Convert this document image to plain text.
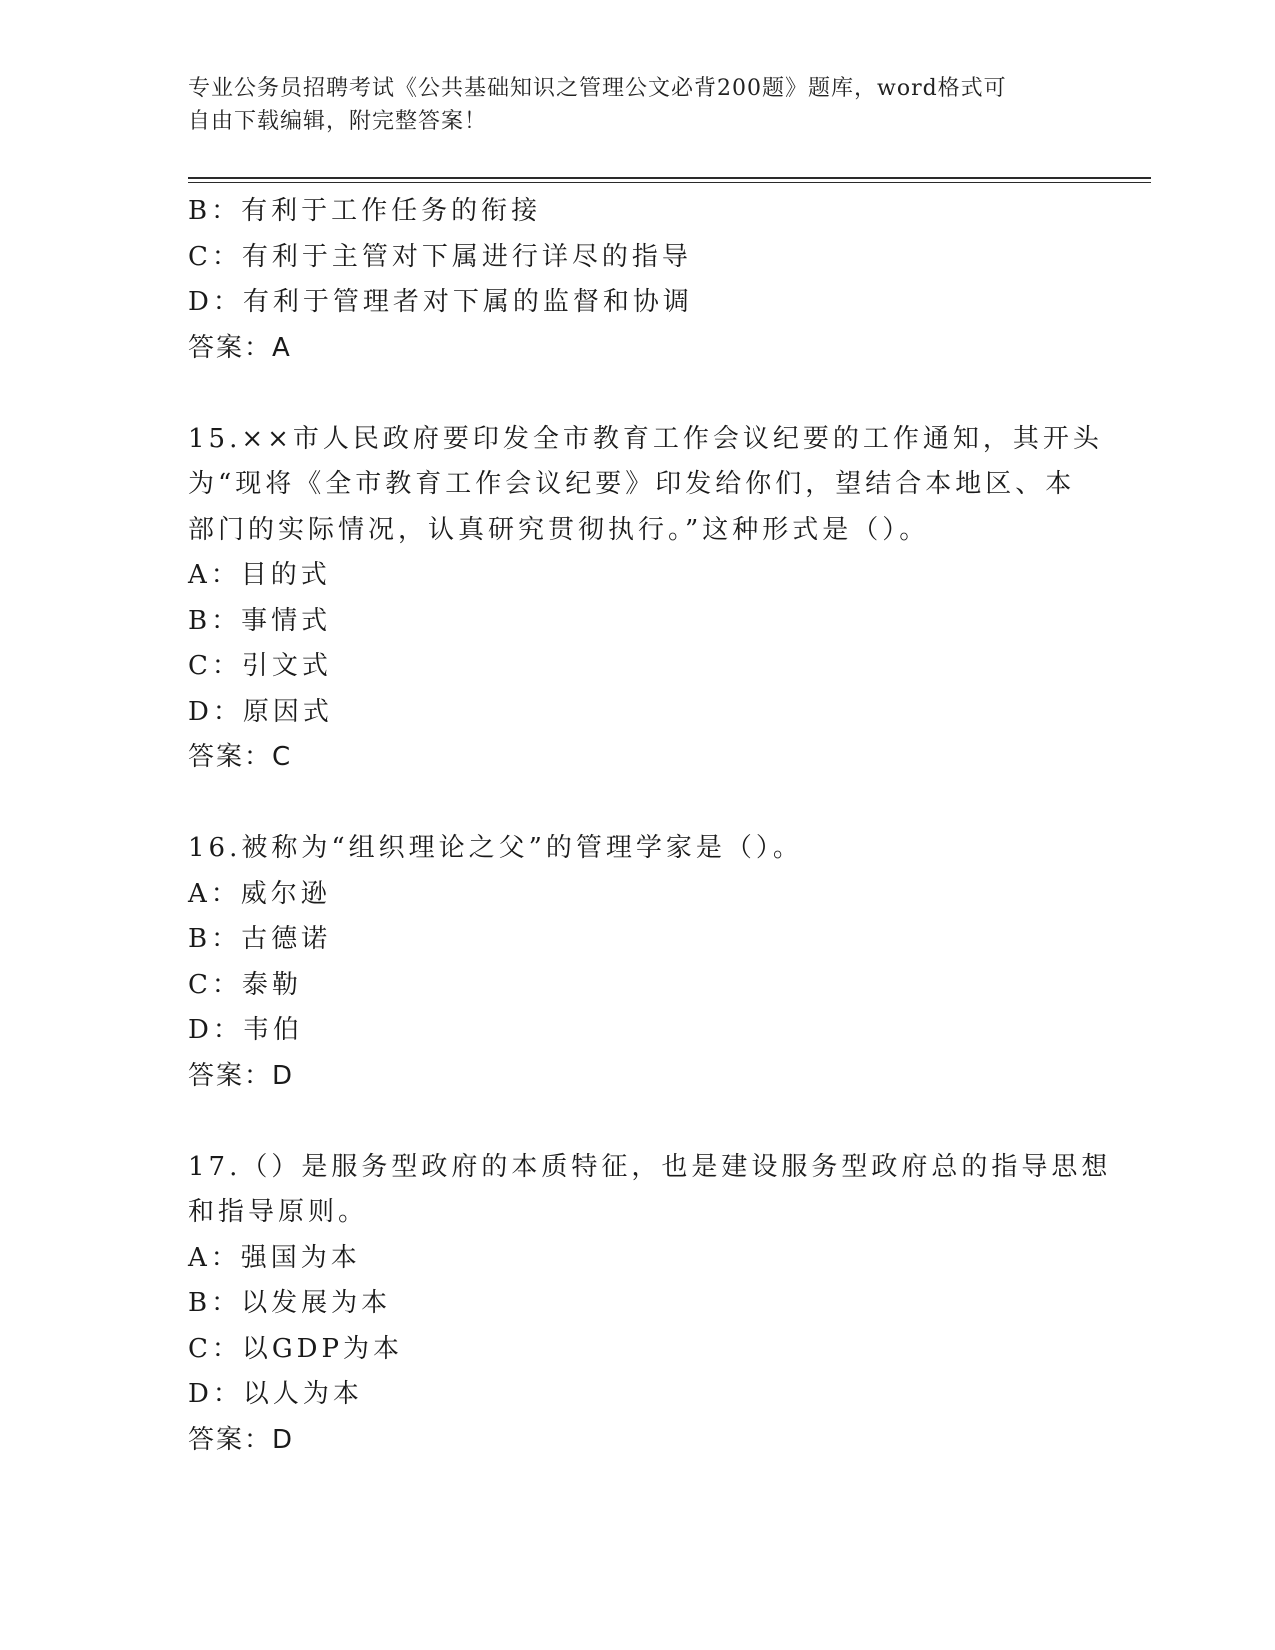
专业公务员招聘考试《公共基础知识之管理公文必背200题》题库，word格式可
自由下载编辑，附完整答案！
B：有利于工作任务的衔接
C：有利于主管对下属进行详尽的指导
D：有利于管理者对下属的监督和协调
答案：A
15.××市人民政府要印发全市教育工作会议纪要的工作通知，其开头
为“现将《全市教育工作会议纪要》印发给你们，望结合本地区、本
部门的实际情况，认真研究贯彻执行。”这种形式是（）。
A：目的式
B：事情式
C：引文式
D：原因式
答案：C
16.被称为“组织理论之父”的管理学家是（）。
A：威尔逊
B：古德诺
C：泰勒
D：韦伯
答案：D
17.（）是服务型政府的本质特征，也是建设服务型政府总的指导思想
和指导原则。
A：强国为本
B：以发展为本
C：以GDP为本
D：以人为本
答案：D
